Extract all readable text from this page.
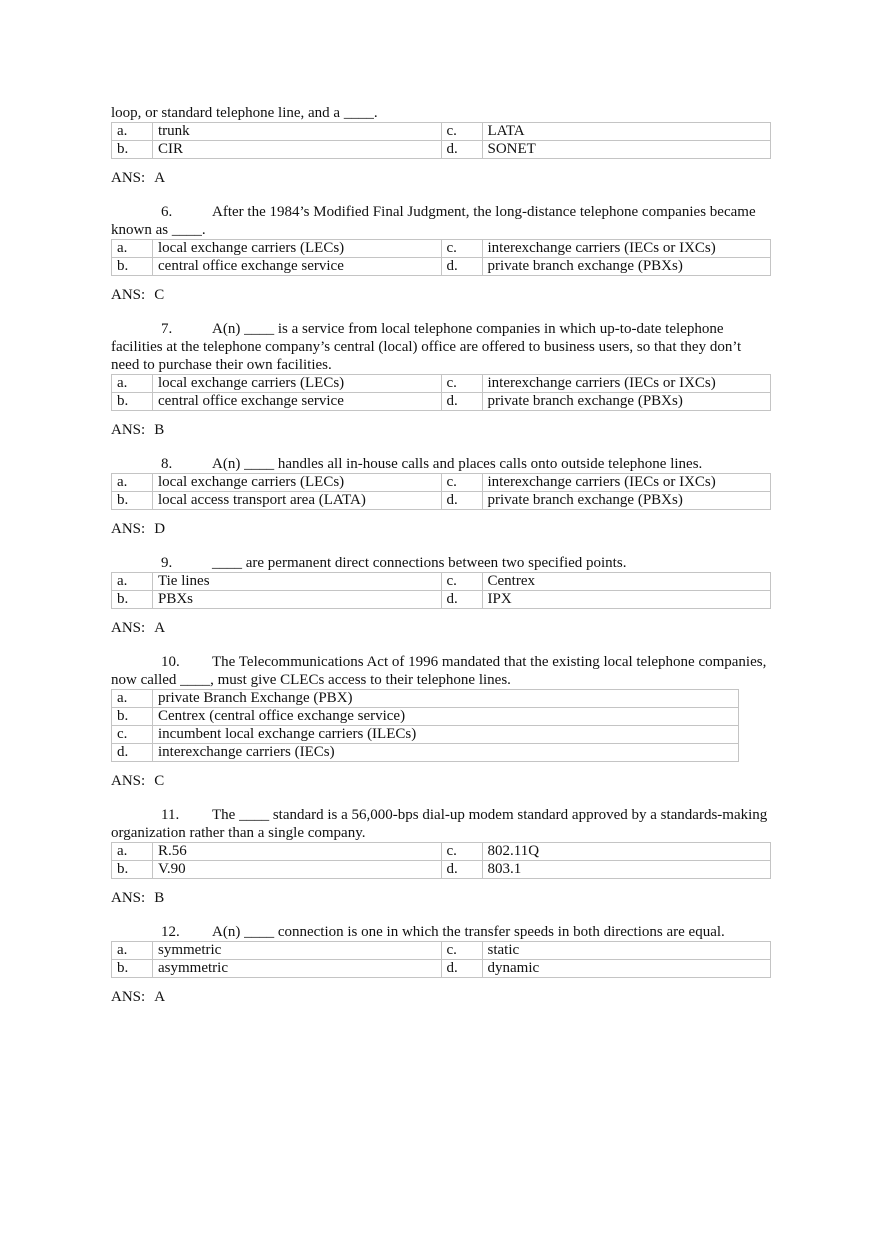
loop, or standard telephone line, and a ____.

a.	trunk	c.	LATA
b.	CIR	d.	SONET
ANS: A

6.	After the 1984’s Modified Final Judgment, the long-distance telephone companies became known as ____.

a.	local exchange carriers (LECs)	c.	interexchange carriers (IECs or IXCs)
b.	central office exchange service	d.	private branch exchange (PBXs)
ANS: C

7.	A(n) ____ is a service from local telephone companies in which up-to-date telephone facilities at the telephone company’s central (local) office are offered to business users, so that they don’t need to purchase their own facilities.

a.	local exchange carriers (LECs)	c.	interexchange carriers (IECs or IXCs)
b.	central office exchange service	d.	private branch exchange (PBXs)
ANS: B

8.	A(n) ____ handles all in-house calls and places calls onto outside telephone lines.

a.	local exchange carriers (LECs)	c.	interexchange carriers (IECs or IXCs)
b.	local access transport area (LATA)	d.	private branch exchange (PBXs)
ANS: D

9.	____ are permanent direct connections between two specified points.

a.	Tie lines	c.	Centrex
b.	PBXs	d.	IPX
ANS: A

10. The Telecommunications Act of 1996 mandated that the existing local telephone companies, now called ____, must give CLECs access to their telephone lines.

a.	private Branch Exchange (PBX)
b.	Centrex (central office exchange service)
c.	incumbent local exchange carriers (ILECs)
d.	interexchange carriers (IECs)
ANS: C

11. The ____ standard is a 56,000-bps dial-up modem standard approved by a standards-making organization rather than a single company.

a.	R.56	c.	802.11Q
b.	V.90	d.	803.1
ANS: B

12. A(n) ____ connection is one in which the transfer speeds in both directions are equal.

a.	symmetric	c.	static
b.	asymmetric	d.	dynamic
ANS: A
